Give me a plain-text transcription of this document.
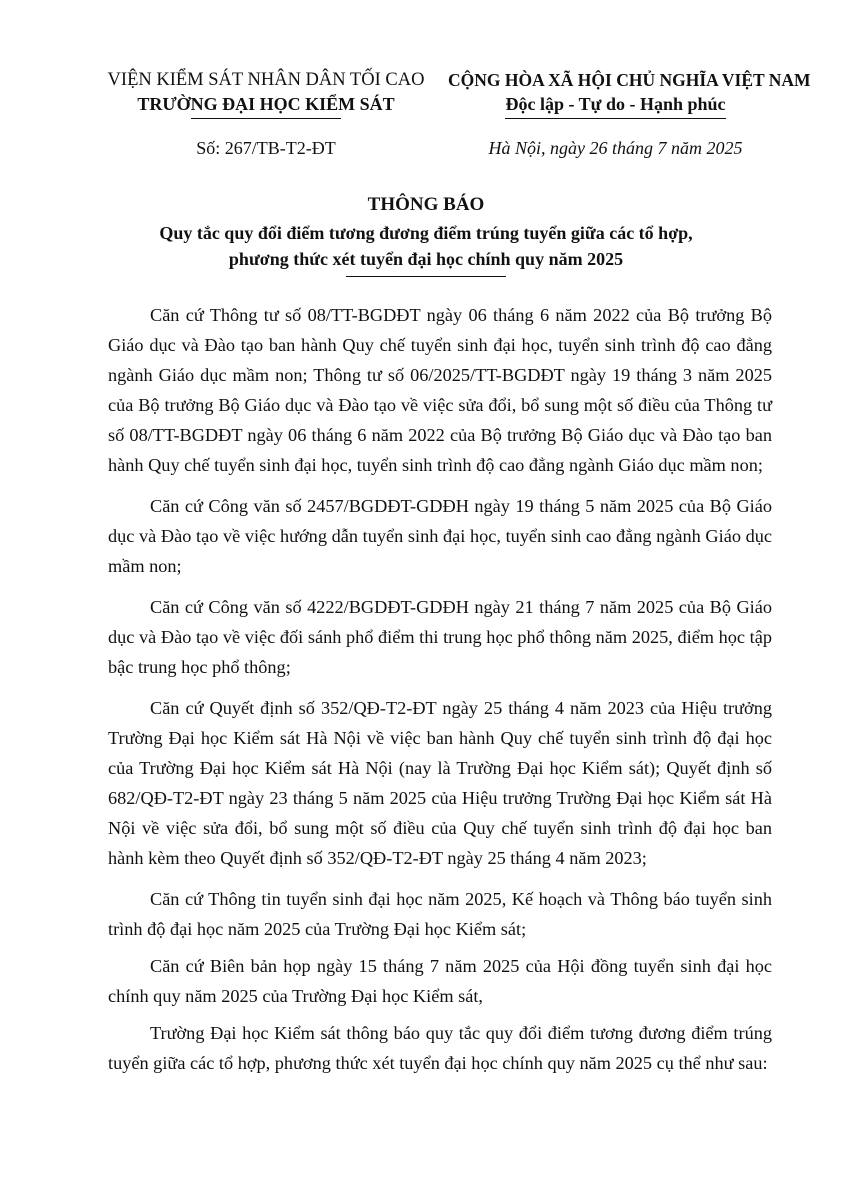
VIỆN KIỂM SÁT NHÂN DÂN TỐI CAO
TRƯỜNG ĐẠI HỌC KIỂM SÁT
CỘNG HÒA XÃ HỘI CHỦ NGHĨA VIỆT NAM
Độc lập - Tự do - Hạnh phúc
Số: 267/TB-T2-ĐT	Hà Nội, ngày 26 tháng 7 năm 2025
THÔNG BÁO
Quy tắc quy đổi điểm tương đương điểm trúng tuyển giữa các tổ hợp,
phương thức xét tuyển đại học chính quy năm 2025

Căn cứ Thông tư số 08/TT-BGDĐT ngày 06 tháng 6 năm 2022 của Bộ trưởng Bộ Giáo dục và Đào tạo ban hành Quy chế tuyển sinh đại học, tuyển sinh trình độ cao đẳng ngành Giáo dục mầm non; Thông tư số 06/2025/TT-BGDĐT ngày 19 tháng 3 năm 2025 của Bộ trưởng Bộ Giáo dục và Đào tạo về việc sửa đổi, bổ sung một số điều của Thông tư số 08/TT-BGDĐT ngày 06 tháng 6 năm 2022 của Bộ trưởng Bộ Giáo dục và Đào tạo ban hành Quy chế tuyển sinh đại học, tuyển sinh trình độ cao đẳng ngành Giáo dục mầm non;

Căn cứ Công văn số 2457/BGDĐT-GDĐH ngày 19 tháng 5 năm 2025 của Bộ Giáo dục và Đào tạo về việc hướng dẫn tuyển sinh đại học, tuyển sinh cao đẳng ngành Giáo dục mầm non;

Căn cứ Công văn số 4222/BGDĐT-GDĐH ngày 21 tháng 7 năm 2025 của Bộ Giáo dục và Đào tạo về việc đối sánh phổ điểm thi trung học phổ thông năm 2025, điểm học tập bậc trung học phổ thông;

Căn cứ Quyết định số 352/QĐ-T2-ĐT ngày 25 tháng 4 năm 2023 của Hiệu trưởng Trường Đại học Kiểm sát Hà Nội về việc ban hành Quy chế tuyển sinh trình độ đại học của Trường Đại học Kiểm sát Hà Nội (nay là Trường Đại học Kiểm sát); Quyết định số 682/QĐ-T2-ĐT ngày 23 tháng 5 năm 2025 của Hiệu trưởng Trường Đại học Kiểm sát Hà Nội về việc sửa đổi, bổ sung một số điều của Quy chế tuyển sinh trình độ đại học ban hành kèm theo Quyết định số 352/QĐ-T2-ĐT ngày 25 tháng 4 năm 2023;

Căn cứ Thông tin tuyển sinh đại học năm 2025, Kế hoạch và Thông báo tuyển sinh trình độ đại học năm 2025 của Trường Đại học Kiểm sát;

Căn cứ Biên bản họp ngày 15 tháng 7 năm 2025 của Hội đồng tuyển sinh đại học chính quy năm 2025 của Trường Đại học Kiểm sát,

Trường Đại học Kiểm sát thông báo quy tắc quy đổi điểm tương đương điểm trúng tuyển giữa các tổ hợp, phương thức xét tuyển đại học chính quy năm 2025 cụ thể như sau:
